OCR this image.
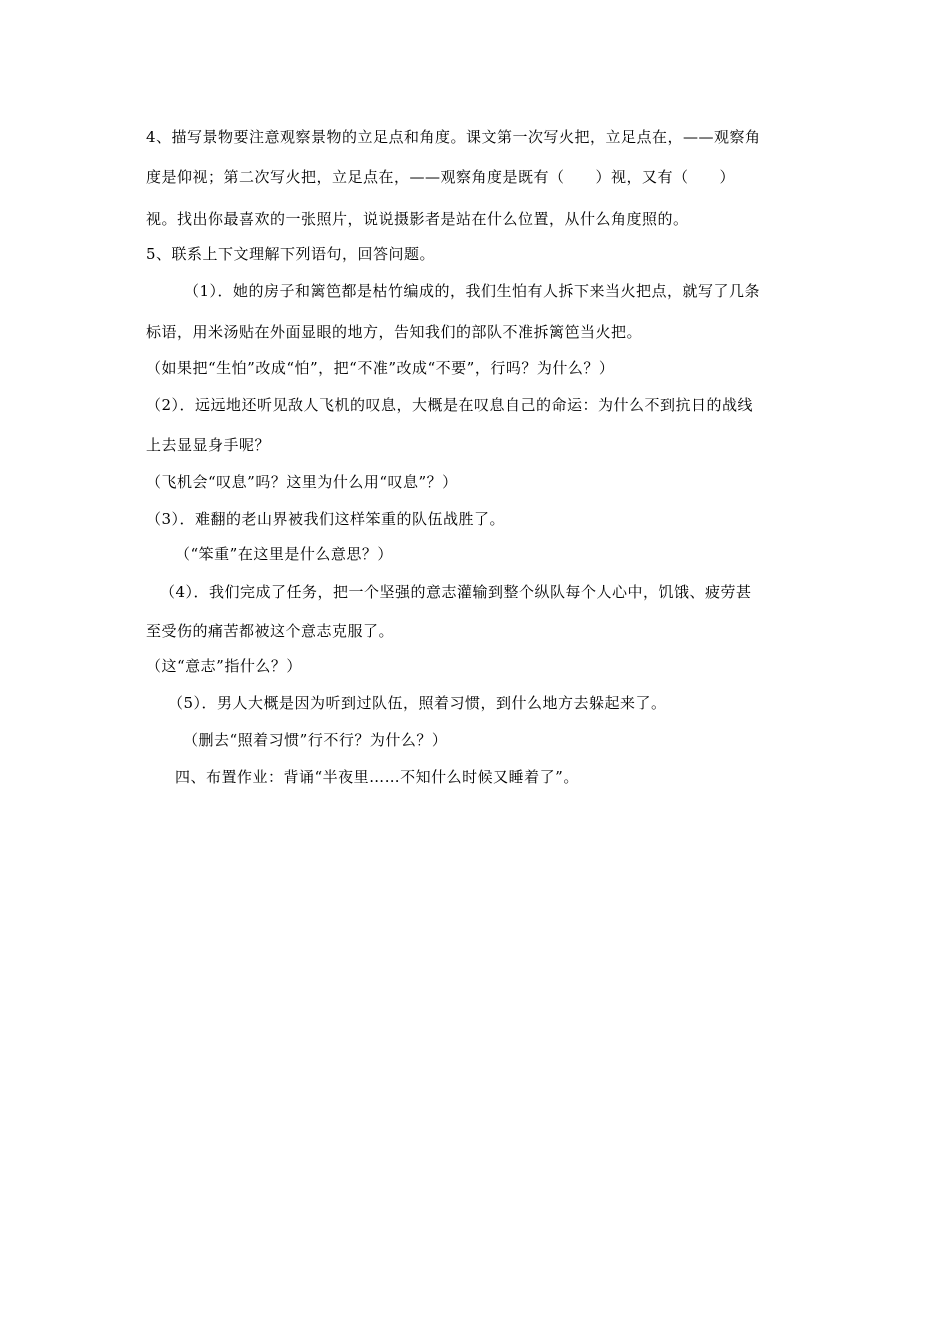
4、描写景物要注意观察景物的立足点和角度。课文第一次写火把，立足点在，——观察角
度是仰视；第二次写火把，立足点在，——观察角度是既有（　　）视，又有（　　）
视。找出你最喜欢的一张照片，说说摄影者是站在什么位置，从什么角度照的。
5、联系上下文理解下列语句，回答问题。
（1）．她的房子和篱笆都是枯竹编成的，我们生怕有人拆下来当火把点，就写了几条
标语，用米汤贴在外面显眼的地方，告知我们的部队不准拆篱笆当火把。
（如果把“生怕”改成“怕”，把“不准”改成“不要”，行吗？为什么？）
（2）．远远地还听见敌人飞机的叹息，大概是在叹息自己的命运：为什么不到抗日的战线
上去显显身手呢？
（飞机会“叹息”吗？这里为什么用“叹息”？）
（3）．难翻的老山界被我们这样笨重的队伍战胜了。
（“笨重”在这里是什么意思？）
（4）．我们完成了任务，把一个坚强的意志灌输到整个纵队每个人心中，饥饿、疲劳甚
至受伤的痛苦都被这个意志克服了。
（这“意志”指什么？）
（5）．男人大概是因为听到过队伍，照着习惯，到什么地方去躲起来了。
（删去“照着习惯”行不行？为什么？）
四、布置作业：背诵“半夜里……不知什么时候又睡着了”。
